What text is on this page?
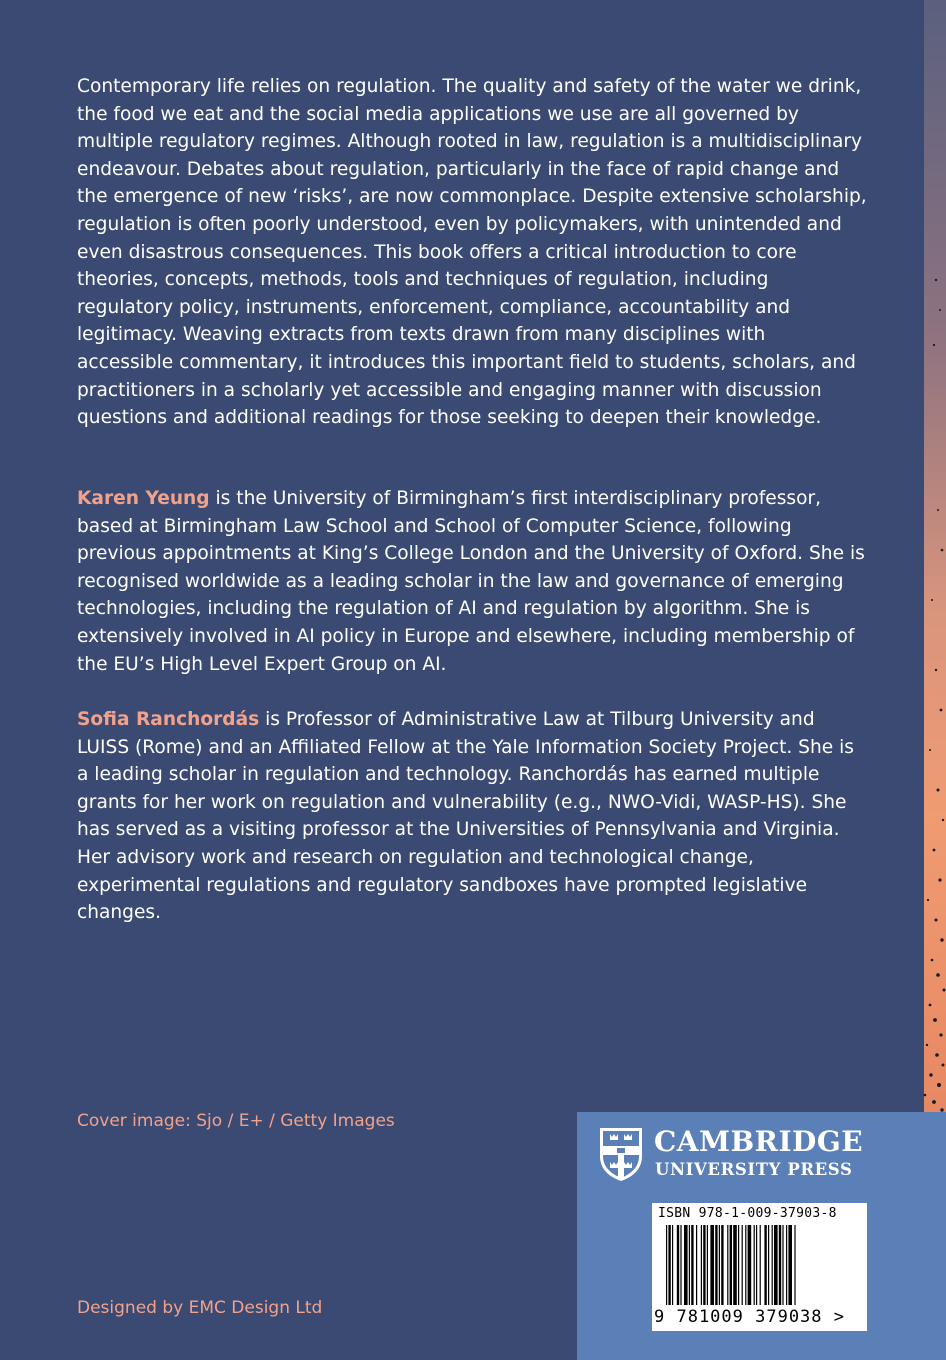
Contemporary life relies on regulation. The quality and safety of the water we drink, the food we eat and the social media applications we use are all governed by multiple regulatory regimes. Although rooted in law, regulation is a multidisciplinary endeavour. Debates about regulation, particularly in the face of rapid change and the emergence of new ‘risks’, are now commonplace. Despite extensive scholarship, regulation is often poorly understood, even by policymakers, with unintended and even disastrous consequences. This book offers a critical introduction to core theories, concepts, methods, tools and techniques of regulation, including regulatory policy, instruments, enforcement, compliance, accountability and legitimacy. Weaving extracts from texts drawn from many disciplines with accessible commentary, it introduces this important field to students, scholars, and practitioners in a scholarly yet accessible and engaging manner with discussion questions and additional readings for those seeking to deepen their knowledge.
Karen Yeung is the University of Birmingham’s first interdisciplinary professor, based at Birmingham Law School and School of Computer Science, following previous appointments at King’s College London and the University of Oxford. She is recognised worldwide as a leading scholar in the law and governance of emerging technologies, including the regulation of AI and regulation by algorithm. She is extensively involved in AI policy in Europe and elsewhere, including membership of the EU’s High Level Expert Group on AI.
Sofia Ranchordás is Professor of Administrative Law at Tilburg University and LUISS (Rome) and an Affiliated Fellow at the Yale Information Society Project. She is a leading scholar in regulation and technology. Ranchordás has earned multiple grants for her work on regulation and vulnerability (e.g., NWO-Vidi, WASP-HS). She has served as a visiting professor at the Universities of Pennsylvania and Virginia. Her advisory work and research on regulation and technological change, experimental regulations and regulatory sandboxes have prompted legislative changes.
Cover image: Sjo / E+ / Getty Images
Designed by EMC Design Ltd
CAMBRIDGE
UNIVERSITY PRESS
ISBN 978-1-009-37903-8
9 781009 379038 >
